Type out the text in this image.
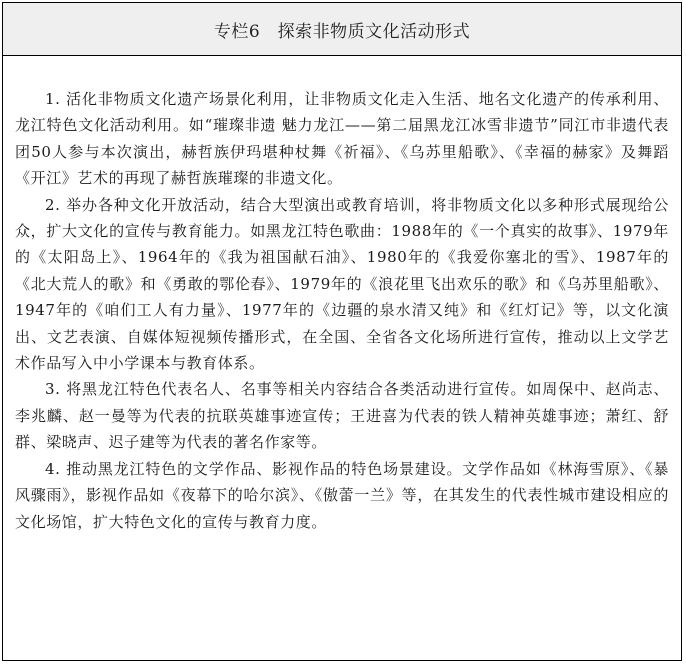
专栏6　探索非物质文化活动形式

1. 活化非物质文化遗产场景化利用，让非物质文化走入生活、地名文化遗产的传承利用、龙江特色文化活动利用。如“璀璨非遗 魅力龙江——第二届黑龙江冰雪非遗节”同江市非遗代表团50人参与本次演出，赫哲族伊玛堪种杖舞《祈福》、《乌苏里船歌》、《幸福的赫家》及舞蹈《开江》艺术的再现了赫哲族璀璨的非遗文化。

2. 举办各种文化开放活动，结合大型演出或教育培训，将非物质文化以多种形式展现给公众，扩大文化的宣传与教育能力。如黑龙江特色歌曲：1988年的《一个真实的故事》、1979年的《太阳岛上》、1964年的《我为祖国献石油》、1980年的《我爱你塞北的雪》、1987年的《北大荒人的歌》和《勇敢的鄂伦春》、1979年的《浪花里飞出欢乐的歌》和《乌苏里船歌》、1947年的《咱们工人有力量》、1977年的《边疆的泉水清又纯》和《红灯记》等，以文化演出、文艺表演、自媒体短视频传播形式，在全国、全省各文化场所进行宣传，推动以上文学艺术作品写入中小学课本与教育体系。

3. 将黑龙江特色代表名人、名事等相关内容结合各类活动进行宣传。如周保中、赵尚志、李兆麟、赵一曼等为代表的抗联英雄事迹宣传；王进喜为代表的铁人精神英雄事迹；萧红、舒群、梁晓声、迟子建等为代表的著名作家等。

4. 推动黑龙江特色的文学作品、影视作品的特色场景建设。文学作品如《林海雪原》、《暴风骤雨》，影视作品如《夜幕下的哈尔滨》、《傲蕾一兰》等，在其发生的代表性城市建设相应的文化场馆，扩大特色文化的宣传与教育力度。
